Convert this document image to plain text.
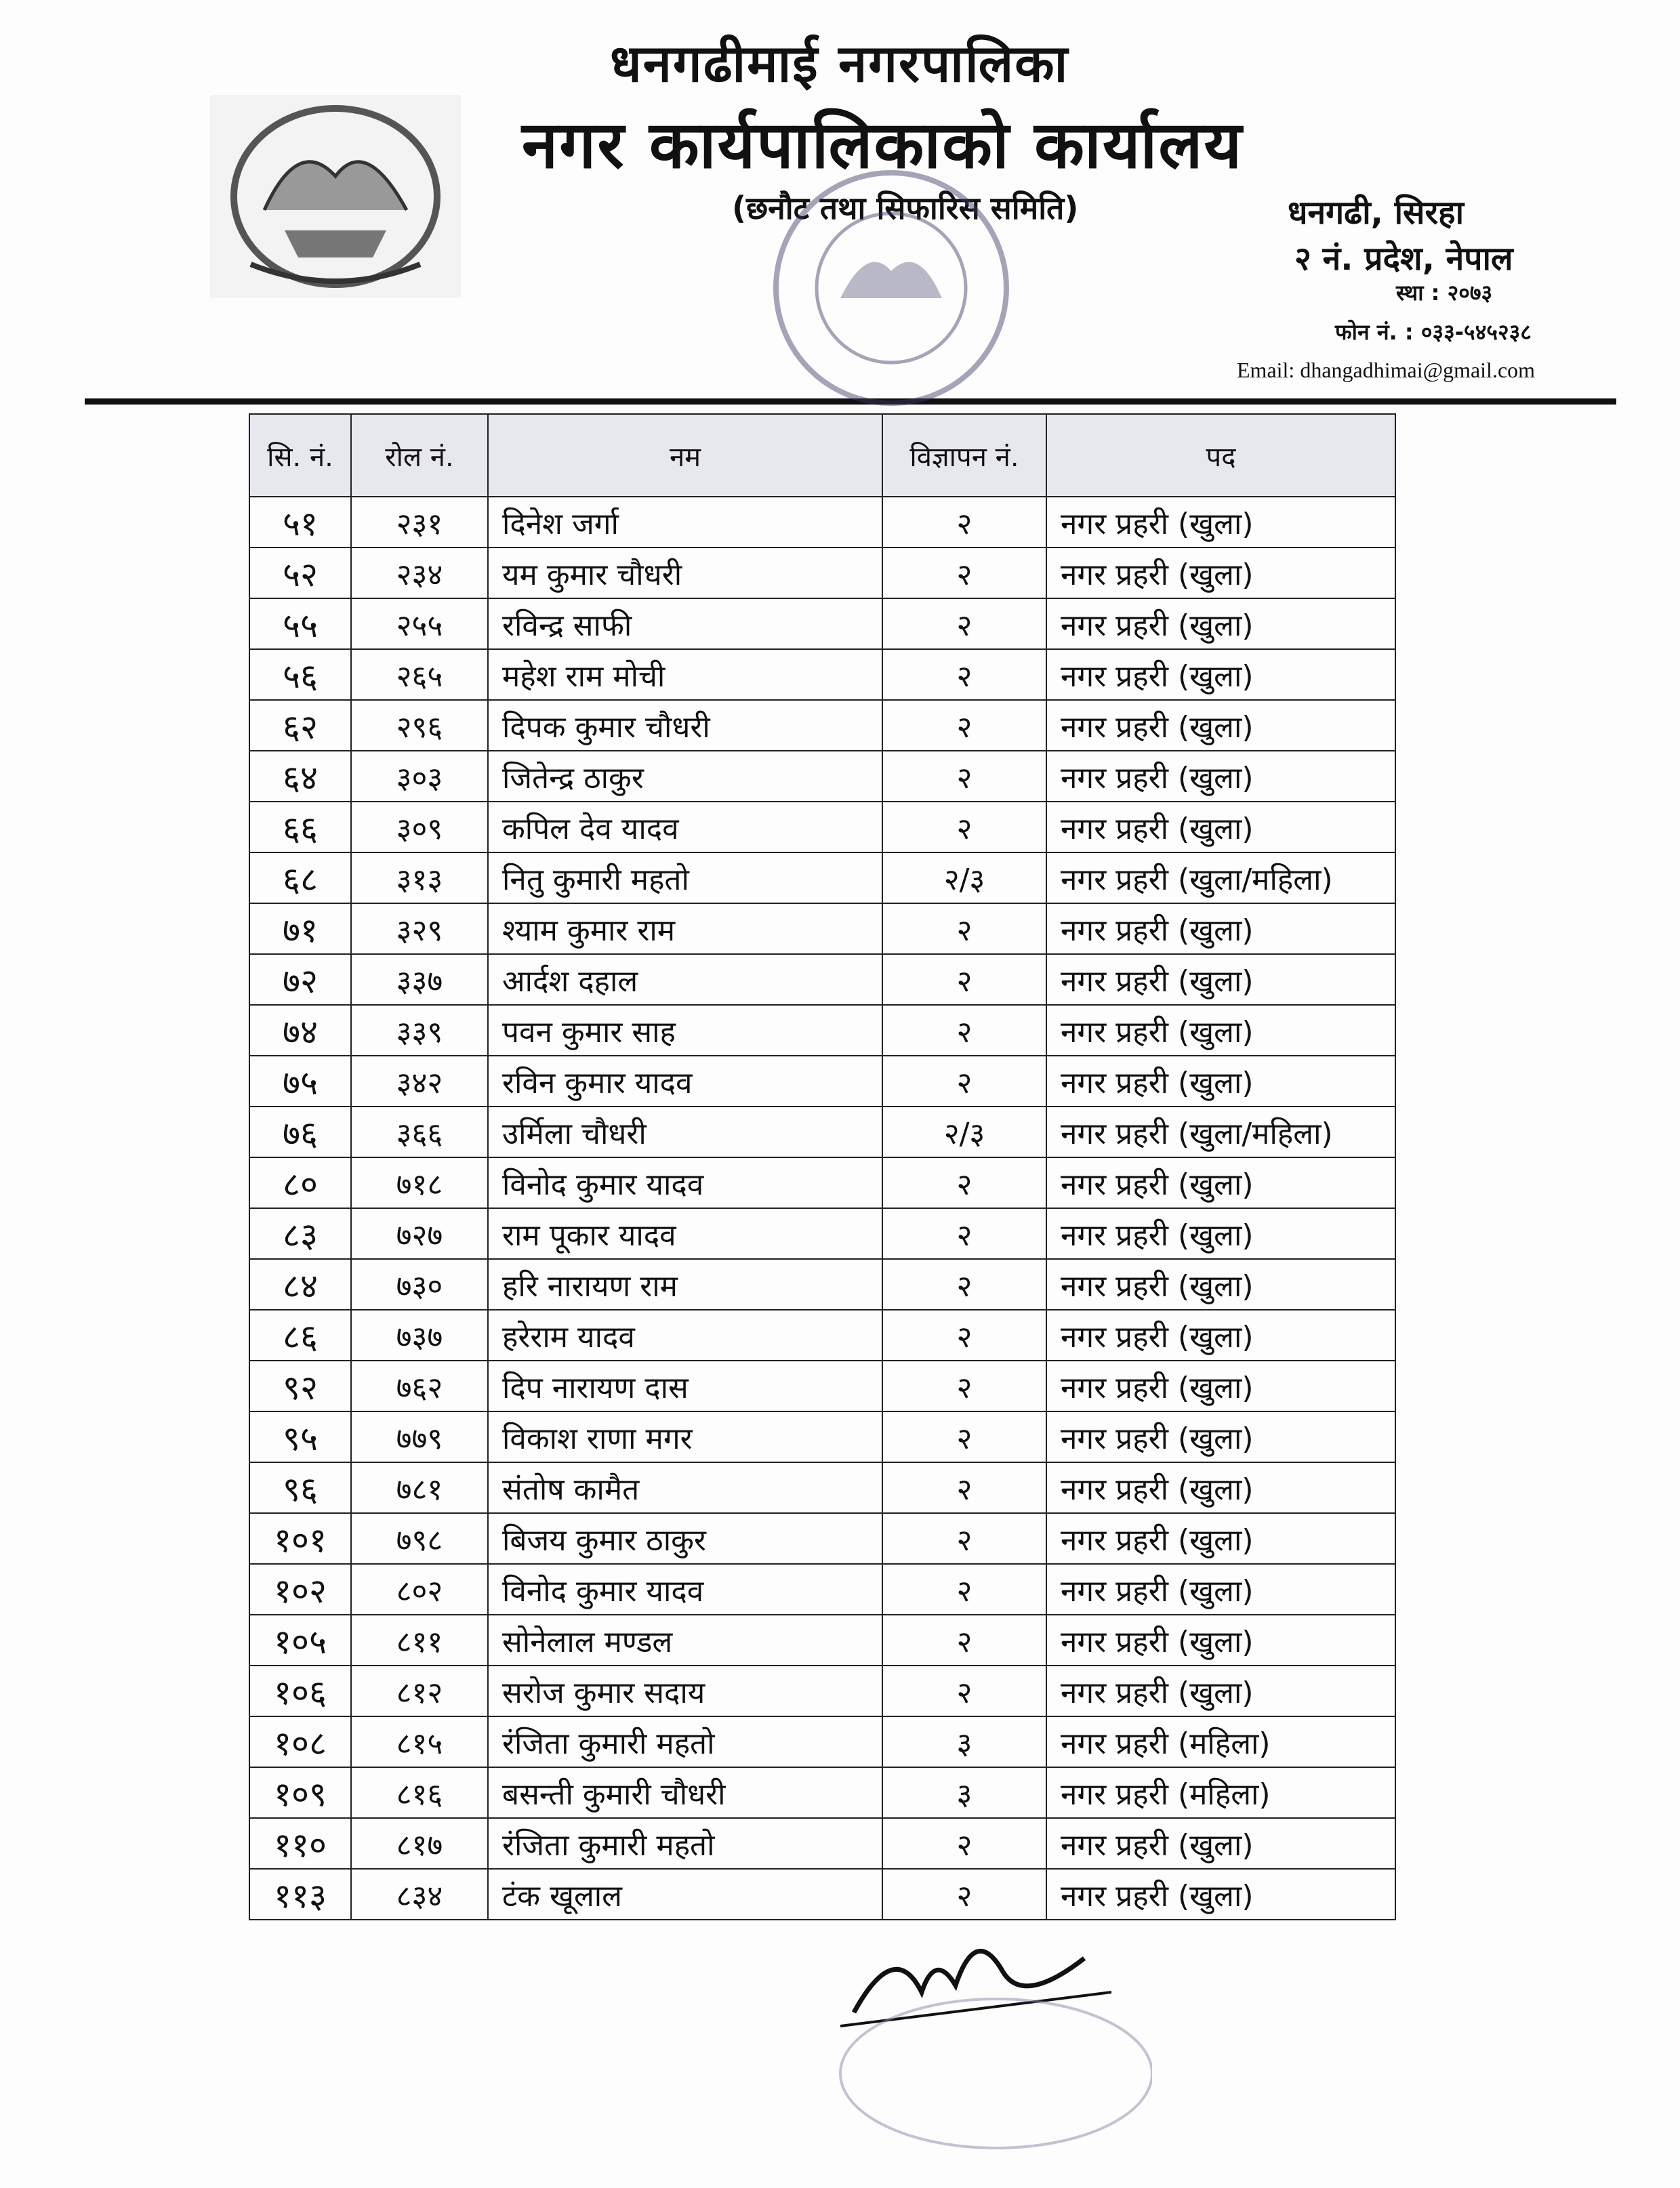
धनगढीमाई नगरपालिका
नगर कार्यपालिकाको कार्यालय
(छनौट तथा सिफारिस समिति)	धनगढी, सिरहा
२ नं. प्रदेश, नेपाल
स्था : २०७३
फोन नं. : ०३३-५४५२३८
Email: dhangadhimai@gmail.com
सि. नं.	रोल नं.	नम	विज्ञापन नं.	पद
५१	२३१	दिनेश जर्गा	२	नगर प्रहरी (खुला)
५२	२३४	यम कुमार चौधरी	२	नगर प्रहरी (खुला)
५५	२५५	रविन्द्र साफी	२	नगर प्रहरी (खुला)
५६	२६५	महेश राम मोची	२	नगर प्रहरी (खुला)
६२	२९६	दिपक कुमार चौधरी	२	नगर प्रहरी (खुला)
६४	३०३	जितेन्द्र ठाकुर	२	नगर प्रहरी (खुला)
६६	३०९	कपिल देव यादव	२	नगर प्रहरी (खुला)
६८	३१३	नितु कुमारी महतो	२/३	नगर प्रहरी (खुला/महिला)
७१	३२९	श्याम कुमार राम	२	नगर प्रहरी (खुला)
७२	३३७	आर्दश दहाल	२	नगर प्रहरी (खुला)
७४	३३९	पवन कुमार साह	२	नगर प्रहरी (खुला)
७५	३४२	रविन कुमार यादव	२	नगर प्रहरी (खुला)
७६	३६६	उर्मिला चौधरी	२/३	नगर प्रहरी (खुला/महिला)
८०	७१८	विनोद कुमार यादव	२	नगर प्रहरी (खुला)
८३	७२७	राम पूकार यादव	२	नगर प्रहरी (खुला)
८४	७३०	हरि नारायण राम	२	नगर प्रहरी (खुला)
८६	७३७	हरेराम यादव	२	नगर प्रहरी (खुला)
९२	७६२	दिप नारायण दास	२	नगर प्रहरी (खुला)
९५	७७९	विकाश राणा मगर	२	नगर प्रहरी (खुला)
९६	७८१	संतोष कामैत	२	नगर प्रहरी (खुला)
१०१	७९८	बिजय कुमार ठाकुर	२	नगर प्रहरी (खुला)
१०२	८०२	विनोद कुमार यादव	२	नगर प्रहरी (खुला)
१०५	८११	सोनेलाल मण्डल	२	नगर प्रहरी (खुला)
१०६	८१२	सरोज कुमार सदाय	२	नगर प्रहरी (खुला)
१०८	८१५	रंजिता कुमारी महतो	३	नगर प्रहरी (महिला)
१०९	८१६	बसन्ती कुमारी चौधरी	३	नगर प्रहरी (महिला)
११०	८१७	रंजिता कुमारी महतो	२	नगर प्रहरी (खुला)
११३	८३४	टंक खूलाल	२	नगर प्रहरी (खुला)
